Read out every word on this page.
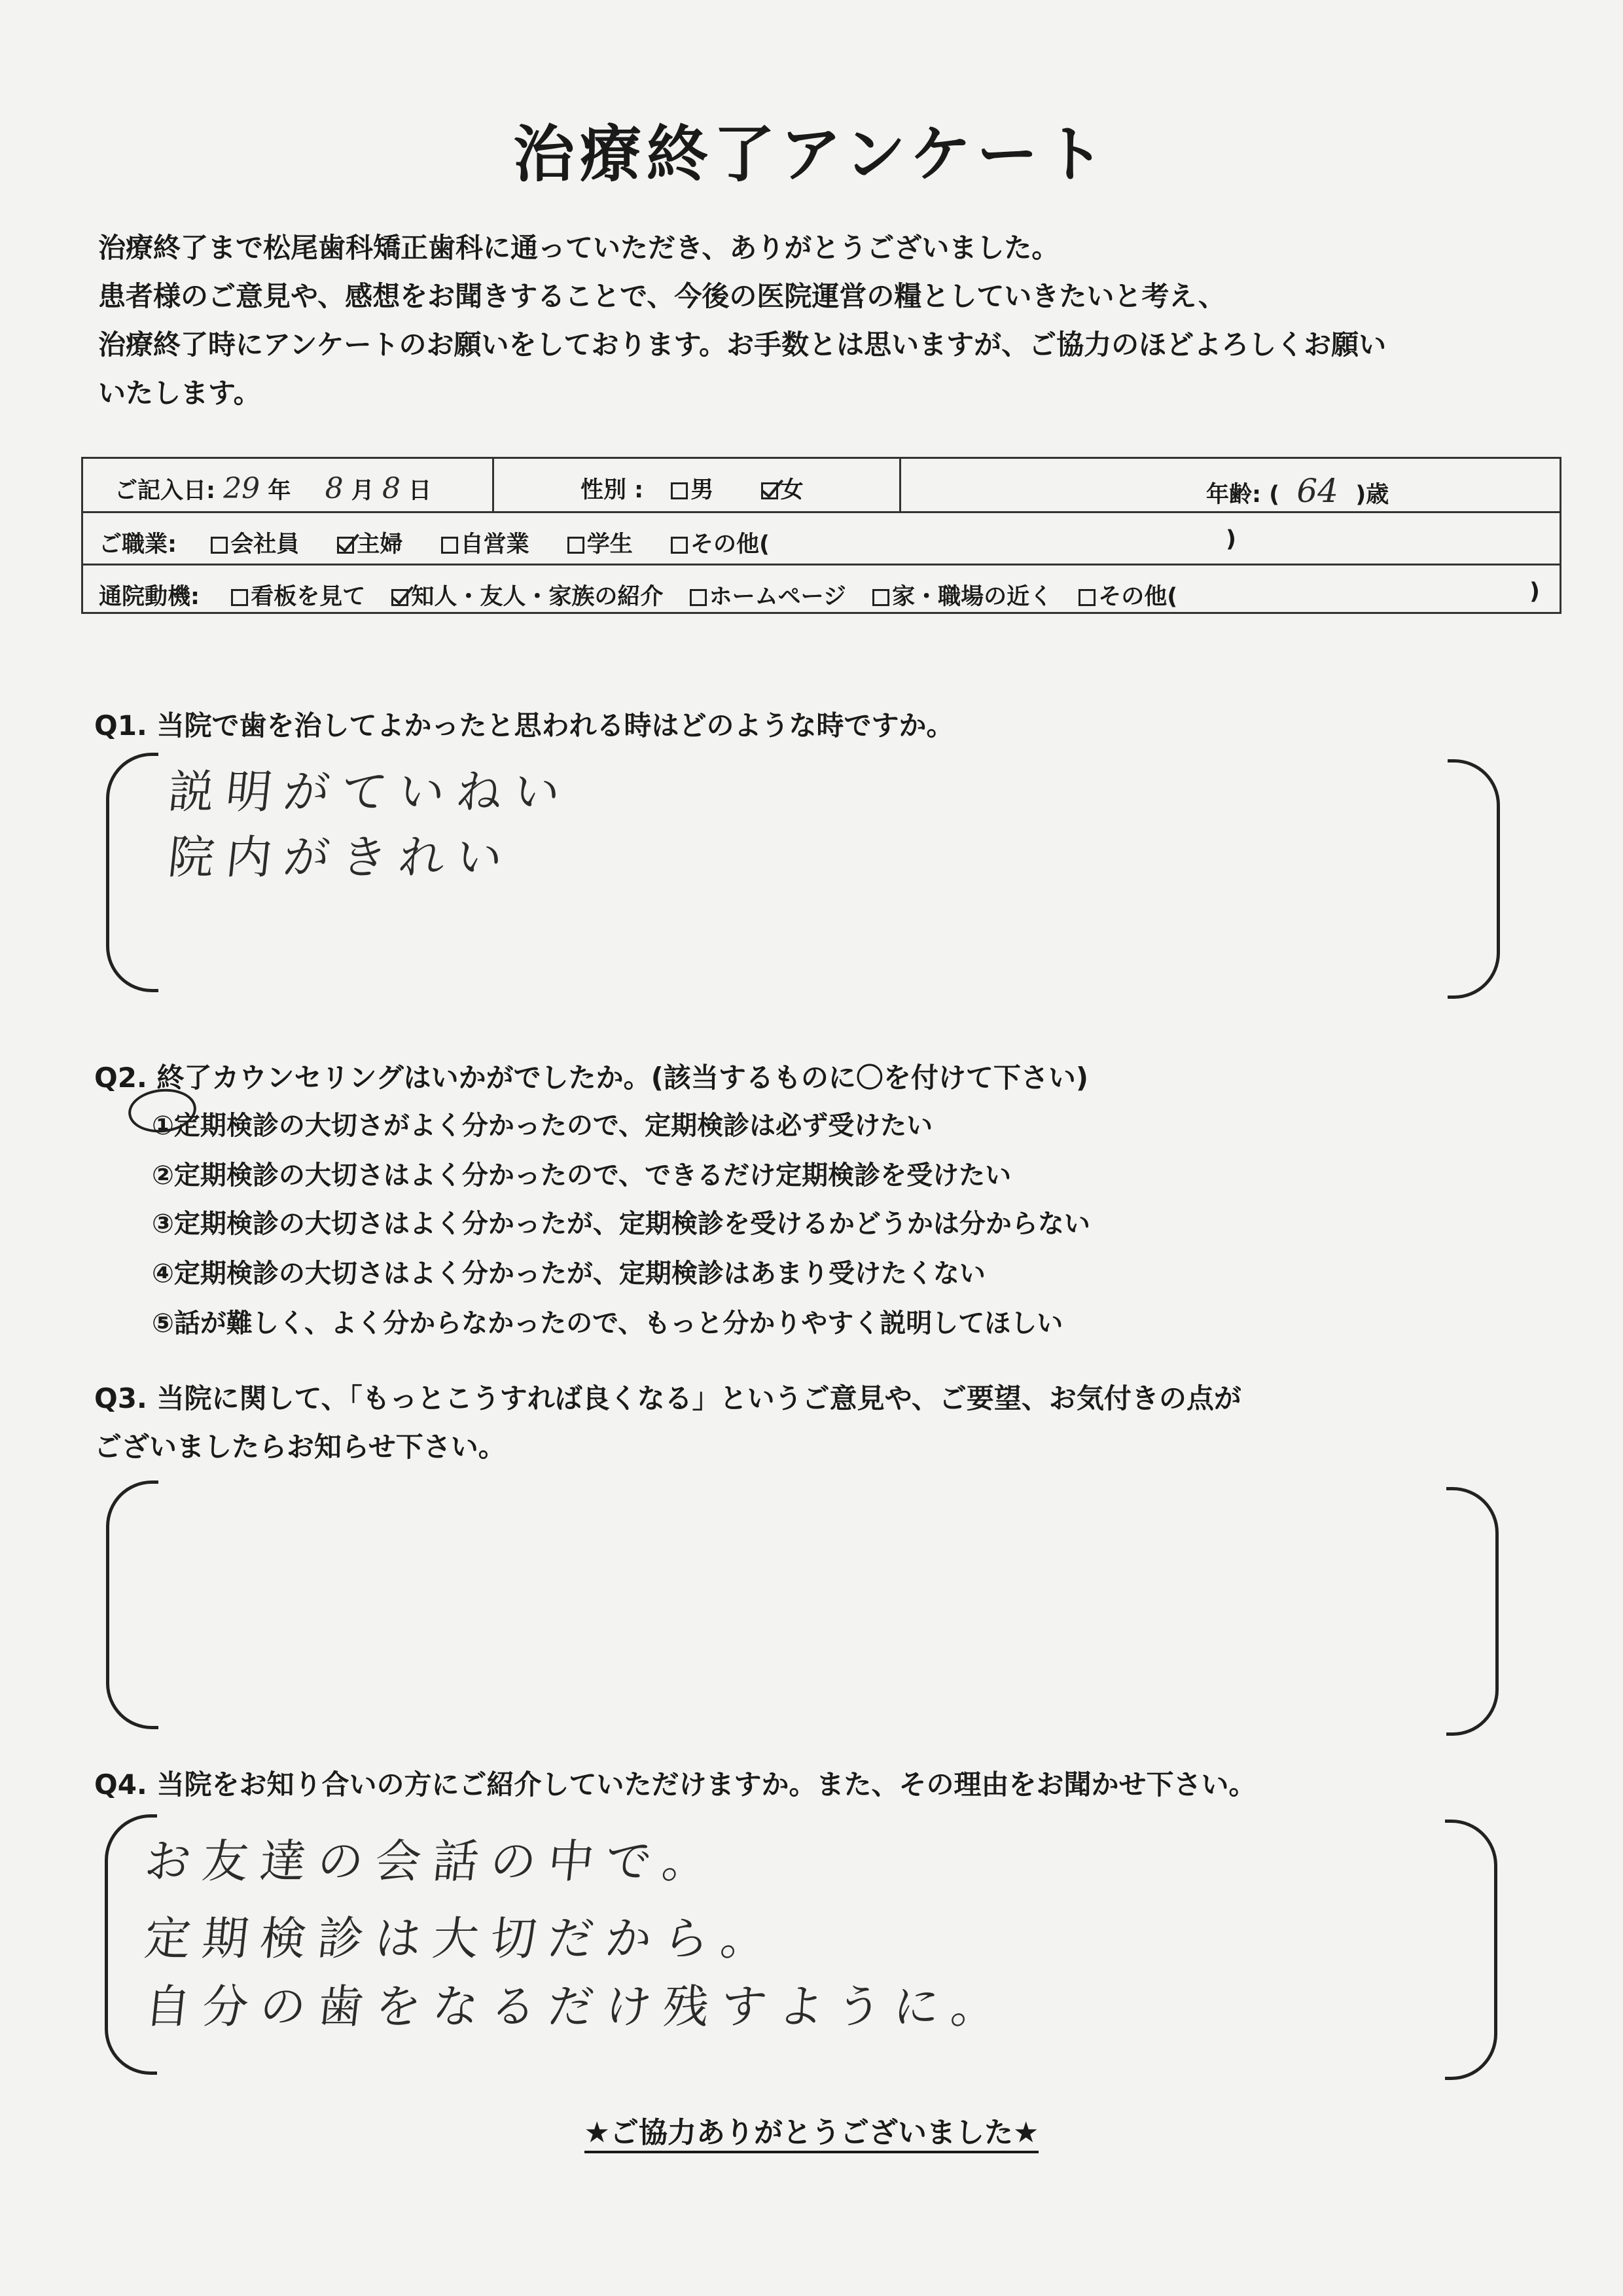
治療終了アンケート
治療終了まで松尾歯科矯正歯科に通っていただき、ありがとうございました。
患者様のご意見や、感想をお聞きすることで、今後の医院運営の糧としていきたいと考え、
治療終了時にアンケートのお願いをしております。お手数とは思いますが、ご協力のほどよろしくお願い
いたします。
ご記入日: 29 年 8 月 8 日	性別 : 男	女	年齢: ( 64 )歳
ご職業: 会社員	主婦	自営業	学生	その他(	)
通院動機: 看板を見て 知人・友人・家族の紹介 ホームページ 家・職場の近く その他(	)
Q1. 当院で歯を治してよかったと思われる時はどのような時ですか。
説明がていねい
院内がきれい
Q2. 終了カウンセリングはいかがでしたか。(該当するものに〇を付けて下さい)
①定期検診の大切さがよく分かったので、定期検診は必ず受けたい
②定期検診の大切さはよく分かったので、できるだけ定期検診を受けたい
③定期検診の大切さはよく分かったが、定期検診を受けるかどうかは分からない
④定期検診の大切さはよく分かったが、定期検診はあまり受けたくない
⑤話が難しく、よく分からなかったので、もっと分かりやすく説明してほしい
Q3. 当院に関して、「もっとこうすれば良くなる」というご意見や、ご要望、お気付きの点が
ございましたらお知らせ下さい。
Q4. 当院をお知り合いの方にご紹介していただけますか。また、その理由をお聞かせ下さい。
お友達の会話の中で。
定期検診は大切だから。
自分の歯をなるだけ残すように。
★ご協力ありがとうございました★
